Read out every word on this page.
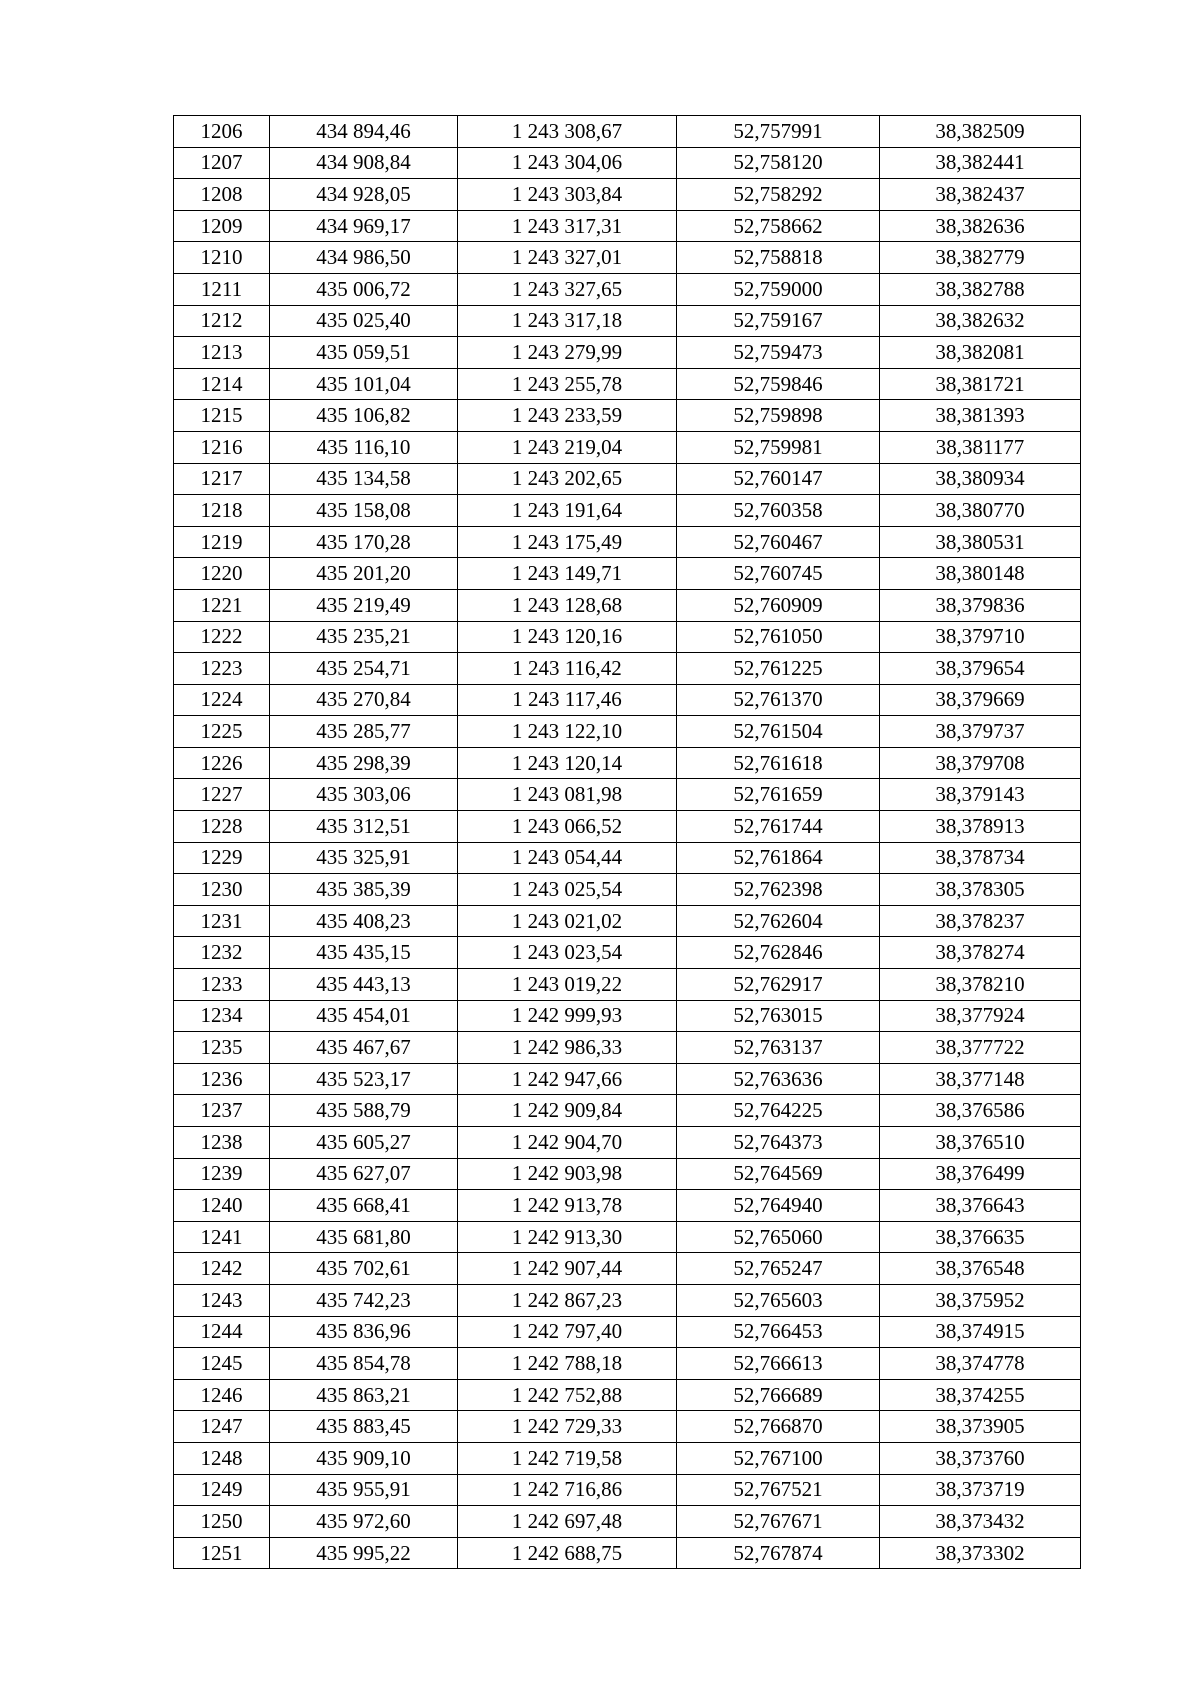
1206	434 894,46	1 243 308,67	52,757991	38,382509
1207	434 908,84	1 243 304,06	52,758120	38,382441
1208	434 928,05	1 243 303,84	52,758292	38,382437
1209	434 969,17	1 243 317,31	52,758662	38,382636
1210	434 986,50	1 243 327,01	52,758818	38,382779
1211	435 006,72	1 243 327,65	52,759000	38,382788
1212	435 025,40	1 243 317,18	52,759167	38,382632
1213	435 059,51	1 243 279,99	52,759473	38,382081
1214	435 101,04	1 243 255,78	52,759846	38,381721
1215	435 106,82	1 243 233,59	52,759898	38,381393
1216	435 116,10	1 243 219,04	52,759981	38,381177
1217	435 134,58	1 243 202,65	52,760147	38,380934
1218	435 158,08	1 243 191,64	52,760358	38,380770
1219	435 170,28	1 243 175,49	52,760467	38,380531
1220	435 201,20	1 243 149,71	52,760745	38,380148
1221	435 219,49	1 243 128,68	52,760909	38,379836
1222	435 235,21	1 243 120,16	52,761050	38,379710
1223	435 254,71	1 243 116,42	52,761225	38,379654
1224	435 270,84	1 243 117,46	52,761370	38,379669
1225	435 285,77	1 243 122,10	52,761504	38,379737
1226	435 298,39	1 243 120,14	52,761618	38,379708
1227	435 303,06	1 243 081,98	52,761659	38,379143
1228	435 312,51	1 243 066,52	52,761744	38,378913
1229	435 325,91	1 243 054,44	52,761864	38,378734
1230	435 385,39	1 243 025,54	52,762398	38,378305
1231	435 408,23	1 243 021,02	52,762604	38,378237
1232	435 435,15	1 243 023,54	52,762846	38,378274
1233	435 443,13	1 243 019,22	52,762917	38,378210
1234	435 454,01	1 242 999,93	52,763015	38,377924
1235	435 467,67	1 242 986,33	52,763137	38,377722
1236	435 523,17	1 242 947,66	52,763636	38,377148
1237	435 588,79	1 242 909,84	52,764225	38,376586
1238	435 605,27	1 242 904,70	52,764373	38,376510
1239	435 627,07	1 242 903,98	52,764569	38,376499
1240	435 668,41	1 242 913,78	52,764940	38,376643
1241	435 681,80	1 242 913,30	52,765060	38,376635
1242	435 702,61	1 242 907,44	52,765247	38,376548
1243	435 742,23	1 242 867,23	52,765603	38,375952
1244	435 836,96	1 242 797,40	52,766453	38,374915
1245	435 854,78	1 242 788,18	52,766613	38,374778
1246	435 863,21	1 242 752,88	52,766689	38,374255
1247	435 883,45	1 242 729,33	52,766870	38,373905
1248	435 909,10	1 242 719,58	52,767100	38,373760
1249	435 955,91	1 242 716,86	52,767521	38,373719
1250	435 972,60	1 242 697,48	52,767671	38,373432
1251	435 995,22	1 242 688,75	52,767874	38,373302
